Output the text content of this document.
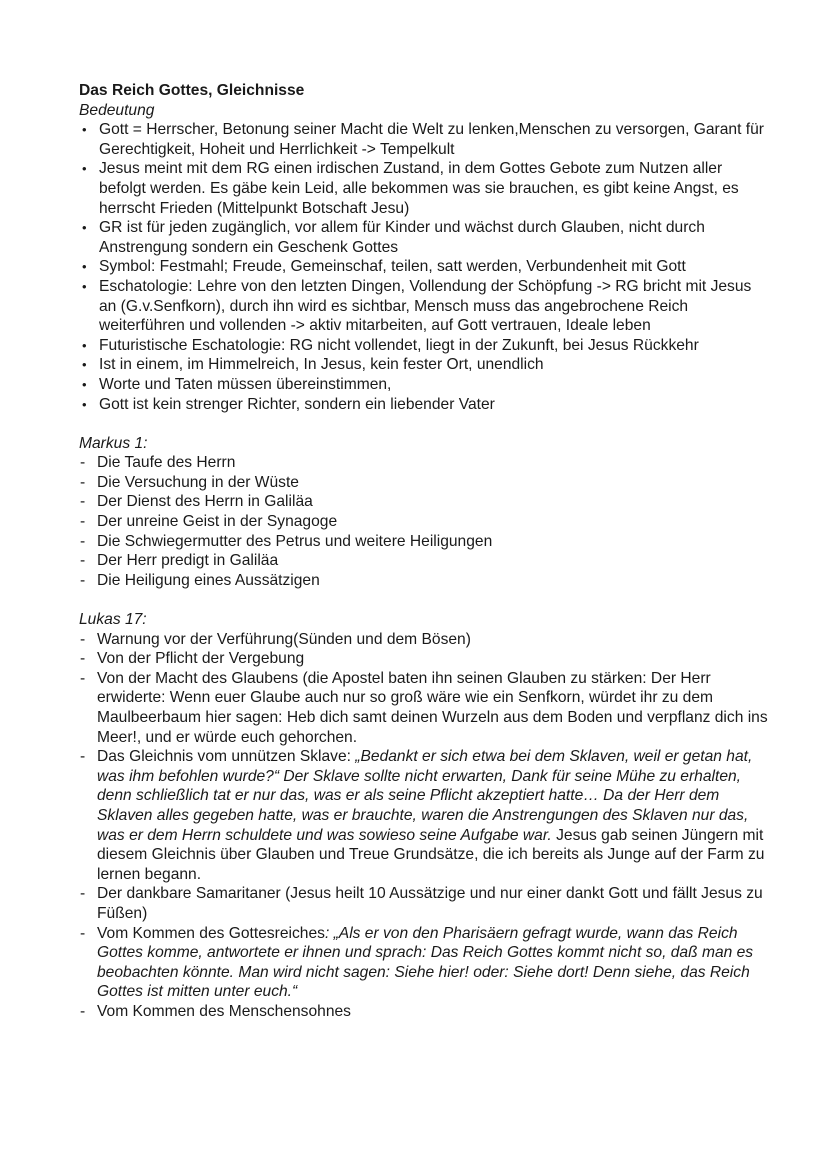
Das Reich Gottes, Gleichnisse

Bedeutung

• Gott = Herrscher, Betonung seiner Macht die Welt zu lenken,Menschen zu versorgen, Garant für Gerechtigkeit, Hoheit und Herrlichkeit -> Tempelkult
• Jesus meint mit dem RG einen irdischen Zustand, in dem Gottes Gebote zum Nutzen aller befolgt werden. Es gäbe kein Leid, alle bekommen was sie brauchen, es gibt keine Angst, es herrscht Frieden (Mittelpunkt Botschaft Jesu)
• GR ist für jeden zugänglich, vor allem für Kinder und wächst durch Glauben, nicht durch Anstrengung sondern ein Geschenk Gottes
• Symbol: Festmahl; Freude, Gemeinschaf, teilen, satt werden, Verbundenheit mit Gott
• Eschatologie: Lehre von den letzten Dingen, Vollendung der Schöpfung -> RG bricht mit Jesus an (G.v.Senfkorn), durch ihn wird es sichtbar, Mensch muss das angebrochene Reich weiterführen und vollenden -> aktiv mitarbeiten, auf Gott vertrauen, Ideale leben
• Futuristische Eschatologie: RG nicht vollendet, liegt in der Zukunft, bei Jesus Rückkehr
• Ist in einem, im Himmelreich, In Jesus, kein fester Ort, unendlich
• Worte und Taten müssen übereinstimmen,
• Gott ist kein strenger Richter, sondern ein liebender Vater

Markus 1:

- Die Taufe des Herrn
- Die Versuchung in der Wüste
- Der Dienst des Herrn in Galiläa
- Der unreine Geist in der Synagoge
- Die Schwiegermutter des Petrus und weitere Heiligungen
- Der Herr predigt in Galiläa
- Die Heiligung eines Aussätzigen

Lukas 17:

- Warnung vor der Verführung(Sünden und dem Bösen)
- Von der Pflicht der Vergebung
- Von der Macht des Glaubens (die Apostel baten ihn seinen Glauben zu stärken: Der Herr erwiderte: Wenn euer Glaube auch nur so groß wäre wie ein Senfkorn, würdet ihr zu dem Maulbeerbaum hier sagen: Heb dich samt deinen Wurzeln aus dem Boden und verpflanz dich ins Meer!, und er würde euch gehorchen.
- Das Gleichnis vom unnützen Sklave: „Bedankt er sich etwa bei dem Sklaven, weil er getan hat, was ihm befohlen wurde?“ Der Sklave sollte nicht erwarten, Dank für seine Mühe zu erhalten, denn schließlich tat er nur das, was er als seine Pflicht akzeptiert hatte… Da der Herr dem Sklaven alles gegeben hatte, was er brauchte, waren die Anstrengungen des Sklaven nur das, was er dem Herrn schuldete und was sowieso seine Aufgabe war. Jesus gab seinen Jüngern mit diesem Gleichnis über Glauben und Treue Grundsätze, die ich bereits als Junge auf der Farm zu lernen begann.
- Der dankbare Samaritaner (Jesus heilt 10 Aussätzige und nur einer dankt Gott und fällt Jesus zu Füßen)
- Vom Kommen des Gottesreiches: „Als er von den Pharisäern gefragt wurde, wann das Reich Gottes komme, antwortete er ihnen und sprach: Das Reich Gottes kommt nicht so, daß man es beobachten könnte. Man wird nicht sagen: Siehe hier! oder: Siehe dort! Denn siehe, das Reich Gottes ist mitten unter euch.“
- Vom Kommen des Menschensohnes
